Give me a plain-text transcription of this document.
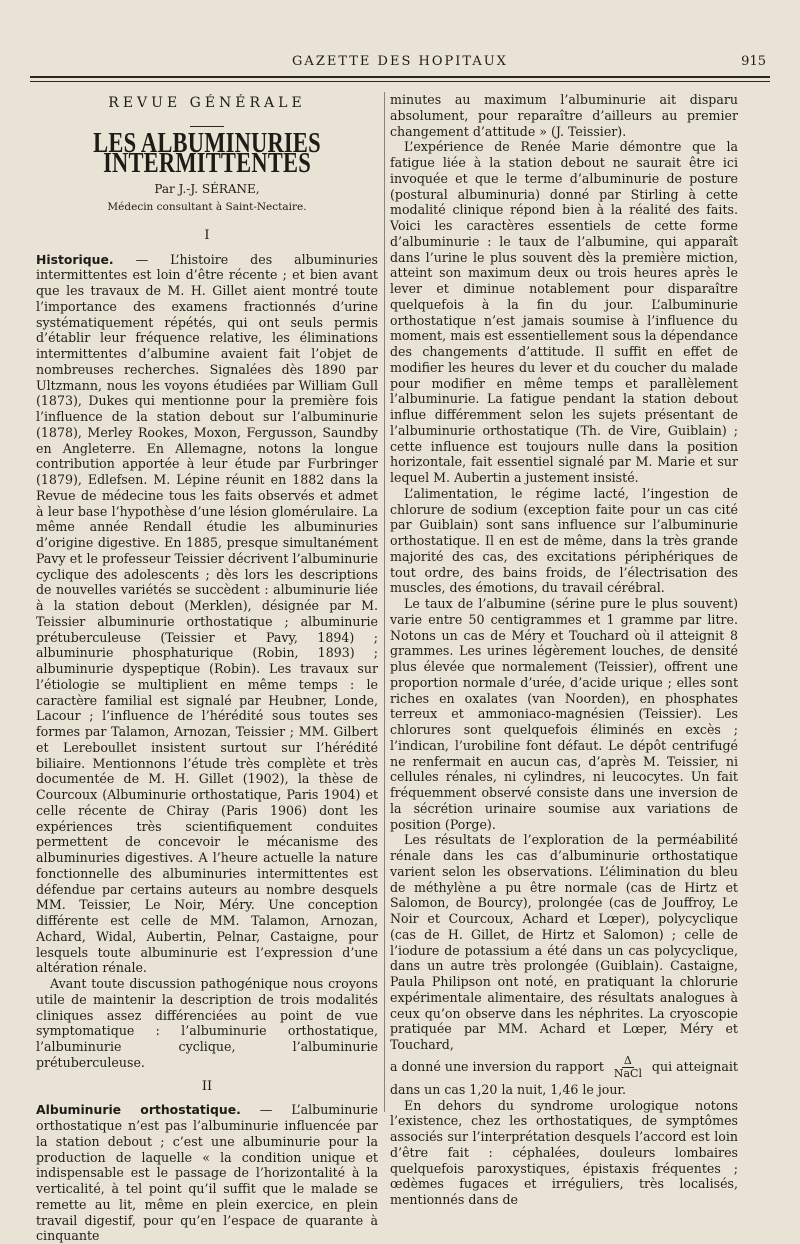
GAZETTE DES HOPITAUX	915
REVUE GÉNÉRALE
LES ALBUMINURIES INTERMITTENTES
Par J.-J. SÉRANE,
Médecin consultant à Saint-Nectaire.
I

Historique. — L’histoire des albuminuries intermittentes est loin d’être récente ; et bien avant que les travaux de M. H. Gillet aient montré toute l’importance des examens fractionnés d’urine systématiquement répétés, qui ont seuls permis d’établir leur fréquence relative, les éliminations intermittentes d’albumine avaient fait l’objet de nombreuses recherches. Signalées dès 1890 par Ultzmann, nous les voyons étudiées par William Gull (1873), Dukes qui mentionne pour la première fois l’influence de la station debout sur l’albuminurie (1878), Merley Rookes, Moxon, Fergusson, Saundby en Angleterre. En Allemagne, notons la longue contribution apportée à leur étude par Furbringer (1879), Edlefsen. M. Lépine réunit en 1882 dans la Revue de médecine tous les faits observés et admet à leur base l’hypothèse d’une lésion glomérulaire. La même année Rendall étudie les albuminuries d’origine digestive. En 1885, presque simultanément Pavy et le professeur Teissier décrivent l’albuminurie cyclique des adolescents ; dès lors les descriptions de nouvelles variétés se succèdent : albuminurie liée à la station debout (Merklen), désignée par M. Teissier albuminurie orthostatique ; albuminurie prétuberculeuse (Teissier et Pavy, 1894) ; albuminurie phosphaturique (Robin, 1893) ; albuminurie dyspeptique (Robin). Les travaux sur l’étiologie se multiplient en même temps : le caractère familial est signalé par Heubner, Londe, Lacour ; l’influence de l’hérédité sous toutes ses formes par Talamon, Arnozan, Teissier ; MM. Gilbert et Lereboullet insistent surtout sur l’hérédité biliaire. Mentionnons l’étude très complète et très documentée de M. H. Gillet (1902), la thèse de Courcoux (Albuminurie orthostatique, Paris 1904) et celle récente de Chiray (Paris 1906) dont les expériences très scientifiquement conduites permettent de concevoir le mécanisme des albuminuries digestives. A l’heure actuelle la nature fonctionnelle des albuminuries intermittentes est défendue par certains auteurs au nombre desquels MM. Teissier, Le Noir, Méry. Une conception différente est celle de MM. Talamon, Arnozan, Achard, Widal, Aubertin, Pelnar, Castaigne, pour lesquels toute albuminurie est l’expression d’une altération rénale.

Avant toute discussion pathogénique nous croyons utile de maintenir la description de trois modalités cliniques assez différenciées au point de vue symptomatique : l’albuminurie orthostatique, l’albuminurie cyclique, l’albuminurie prétuberculeuse.

II

Albuminurie orthostatique. — L’albuminurie orthostatique n’est pas l’albuminurie influencée par la station debout ; c’est une albuminurie pour la production de laquelle « la condition unique et indispensable est le passage de l’horizontalité à la verticalité, à tel point qu’il suffit que le malade se remette au lit, même en plein exercice, en plein travail digestif, pour qu’en l’espace de quarante à cinquante

minutes au maximum l’albuminurie ait disparu absolument, pour reparaître d’ailleurs au premier changement d’attitude » (J. Teissier).

L’expérience de Renée Marie démontre que la fatigue liée à la station debout ne saurait être ici invoquée et que le terme d’albuminurie de posture (postural albuminuria) donné par Stirling à cette modalité clinique répond bien à la réalité des faits. Voici les caractères essentiels de cette forme d’albuminurie : le taux de l’albumine, qui apparaît dans l’urine le plus souvent dès la première miction, atteint son maximum deux ou trois heures après le lever et diminue notablement pour disparaître quelquefois à la fin du jour. L’albuminurie orthostatique n’est jamais soumise à l’influence du moment, mais est essentiellement sous la dépendance des changements d’attitude. Il suffit en effet de modifier les heures du lever et du coucher du malade pour modifier en même temps et parallèlement l’albuminurie. La fatigue pendant la station debout influe différemment selon les sujets présentant de l’albuminurie orthostatique (Th. de Vire, Guiblain) ; cette influence est toujours nulle dans la position horizontale, fait essentiel signalé par M. Marie et sur lequel M. Aubertin a justement insisté.

L’alimentation, le régime lacté, l’ingestion de chlorure de sodium (exception faite pour un cas cité par Guiblain) sont sans influence sur l’albuminurie orthostatique. Il en est de même, dans la très grande majorité des cas, des excitations périphériques de tout ordre, des bains froids, de l’électrisation des muscles, des émotions, du travail cérébral.

Le taux de l’albumine (sérine pure le plus souvent) varie entre 50 centigrammes et 1 gramme par litre. Notons un cas de Méry et Touchard où il atteignit 8 grammes. Les urines légèrement louches, de densité plus élevée que normalement (Teissier), offrent une proportion normale d’urée, d’acide urique ; elles sont riches en oxalates (van Noorden), en phosphates terreux et ammoniaco-magnésien (Teissier). Les chlorures sont quelquefois éliminés en excès ; l’indican, l’urobiline font défaut. Le dépôt centrifugé ne renfermait en aucun cas, d’après M. Teissier, ni cellules rénales, ni cylindres, ni leucocytes. Un fait fréquemment observé consiste dans une inversion de la sécrétion urinaire soumise aux variations de position (Porge).

Les résultats de l’exploration de la perméabilité rénale dans les cas d’albuminurie orthostatique varient selon les observations. L’élimination du bleu de méthylène a pu être normale (cas de Hirtz et Salomon, de Bourcy), prolongée (cas de Jouffroy, Le Noir et Courcoux, Achard et Lœper), polycyclique (cas de H. Gillet, de Hirtz et Salomon) ; celle de l’iodure de potassium a été dans un cas polycyclique, dans un autre très prolongée (Guiblain). Castaigne, Paula Philipson ont noté, en pratiquant la chlorurie expérimentale alimentaire, des résultats analogues à ceux qu’on observe dans les néphrites. La cryoscopie pratiquée par MM. Achard et Lœper, Méry et Touchard,

a donné une inversion du rapport $\frac{\Delta}{\text{NaCl}}$ qui atteignait

dans un cas 1,20 la nuit, 1,46 le jour.

En dehors du syndrome urologique notons l’existence, chez les orthostatiques, de symptômes associés sur l’interprétation desquels l’accord est loin d’être fait : céphalées, douleurs lombaires quelquefois paroxystiques, épistaxis fréquentes ; œdèmes fugaces et irréguliers, très localisés, mentionnés dans de
